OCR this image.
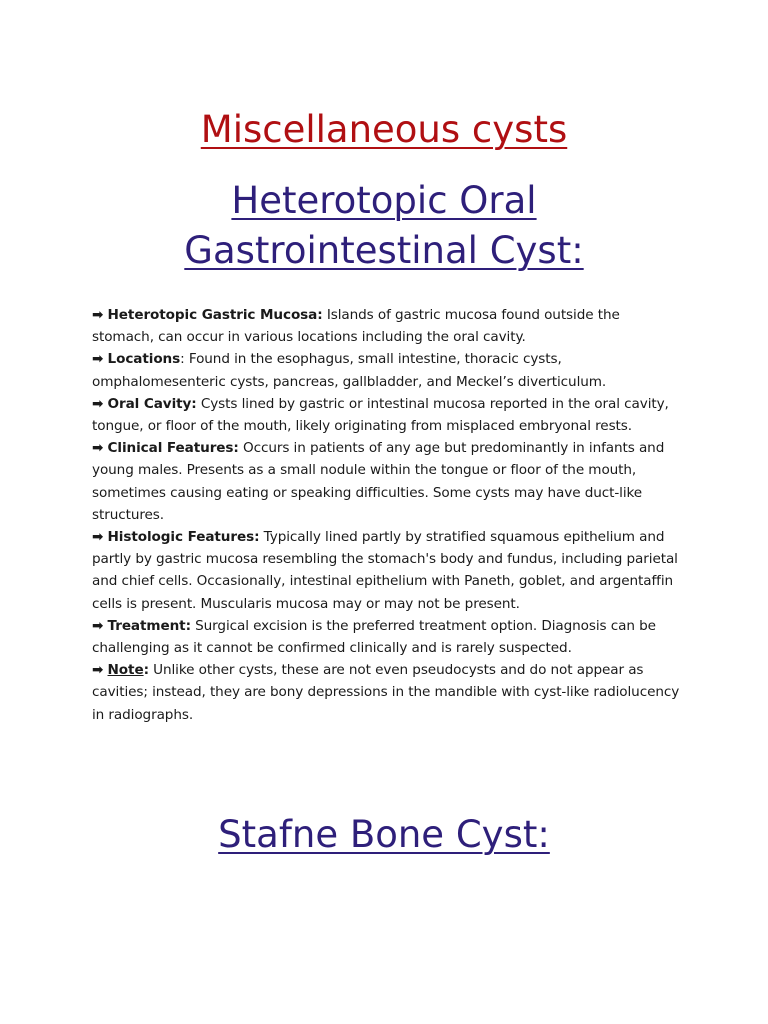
Miscellaneous cysts
Heterotopic Oral
Gastrointestinal Cyst:

➡ Heterotopic Gastric Mucosa: Islands of gastric mucosa found outside the stomach, can occur in various locations including the oral cavity.

➡ Locations: Found in the esophagus, small intestine, thoracic cysts, omphalomesenteric cysts, pancreas, gallbladder, and Meckel’s diverticulum.

➡ Oral Cavity: Cysts lined by gastric or intestinal mucosa reported in the oral cavity, tongue, or floor of the mouth, likely originating from misplaced embryonal rests.

➡ Clinical Features: Occurs in patients of any age but predominantly in infants and young males. Presents as a small nodule within the tongue or floor of the mouth, sometimes causing eating or speaking difficulties. Some cysts may have duct-like structures.

➡ Histologic Features: Typically lined partly by stratified squamous epithelium and partly by gastric mucosa resembling the stomach's body and fundus, including parietal and chief cells. Occasionally, intestinal epithelium with Paneth, goblet, and argentaffin cells is present. Muscularis mucosa may or may not be present.

➡ Treatment: Surgical excision is the preferred treatment option. Diagnosis can be challenging as it cannot be confirmed clinically and is rarely suspected.

➡ Note: Unlike other cysts, these are not even pseudocysts and do not appear as cavities; instead, they are bony depressions in the mandible with cyst-like radiolucency in radiographs.

Stafne Bone Cyst:
